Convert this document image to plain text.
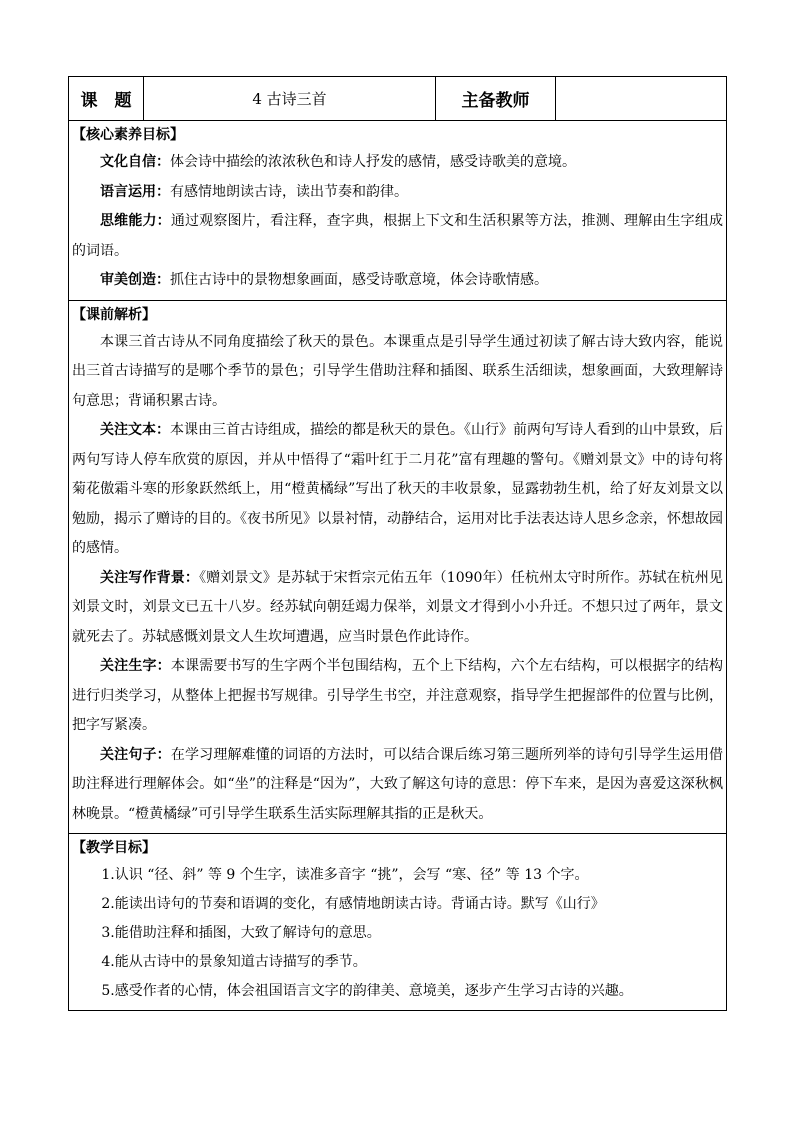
课　题	4 古诗三首	主备教师	

【核心素养目标】

文化自信：体会诗中描绘的浓浓秋色和诗人抒发的感情，感受诗歌美的意境。

语言运用：有感情地朗读古诗，读出节奏和韵律。

思维能力：通过观察图片，看注释，查字典，根据上下文和生活积累等方法，推测、理解由生字组成的词语。

审美创造：抓住古诗中的景物想象画面，感受诗歌意境，体会诗歌情感。

【课前解析】

本课三首古诗从不同角度描绘了秋天的景色。本课重点是引导学生通过初读了解古诗大致内容，能说出三首古诗描写的是哪个季节的景色；引导学生借助注释和插图、联系生活细读，想象画面，大致理解诗句意思；背诵积累古诗。

关注文本：本课由三首古诗组成，描绘的都是秋天的景色。《山行》前两句写诗人看到的山中景致，后两句写诗人停车欣赏的原因，并从中悟得了“霜叶红于二月花”富有理趣的警句。《赠刘景文》中的诗句将菊花傲霜斗寒的形象跃然纸上，用“橙黄橘绿”写出了秋天的丰收景象，显露勃勃生机，给了好友刘景文以勉励，揭示了赠诗的目的。《夜书所见》以景衬情，动静结合，运用对比手法表达诗人思乡念亲，怀想故园的感情。

关注写作背景：《赠刘景文》是苏轼于宋哲宗元佑五年（1090年）任杭州太守时所作。苏轼在杭州见刘景文时，刘景文已五十八岁。经苏轼向朝廷竭力保举，刘景文才得到小小升迁。不想只过了两年，景文就死去了。苏轼感慨刘景文人生坎坷遭遇，应当时景色作此诗作。

关注生字：本课需要书写的生字两个半包围结构，五个上下结构，六个左右结构，可以根据字的结构进行归类学习，从整体上把握书写规律。引导学生书空，并注意观察，指导学生把握部件的位置与比例，把字写紧凑。

关注句子：在学习理解难懂的词语的方法时，可以结合课后练习第三题所列举的诗句引导学生运用借助注释进行理解体会。如“坐”的注释是“因为”，大致了解这句诗的意思：停下车来，是因为喜爱这深秋枫林晚景。“橙黄橘绿”可引导学生联系生活实际理解其指的正是秋天。

【教学目标】

1.认识 “径、斜” 等 9 个生字，读准多音字 “挑”，会写 “寒、径” 等 13 个字。

2.能读出诗句的节奏和语调的变化，有感情地朗读古诗。背诵古诗。默写《山行》

3.能借助注释和插图，大致了解诗句的意思。

4.能从古诗中的景象知道古诗描写的季节。

5.感受作者的心情，体会祖国语言文字的韵律美、意境美，逐步产生学习古诗的兴趣。
